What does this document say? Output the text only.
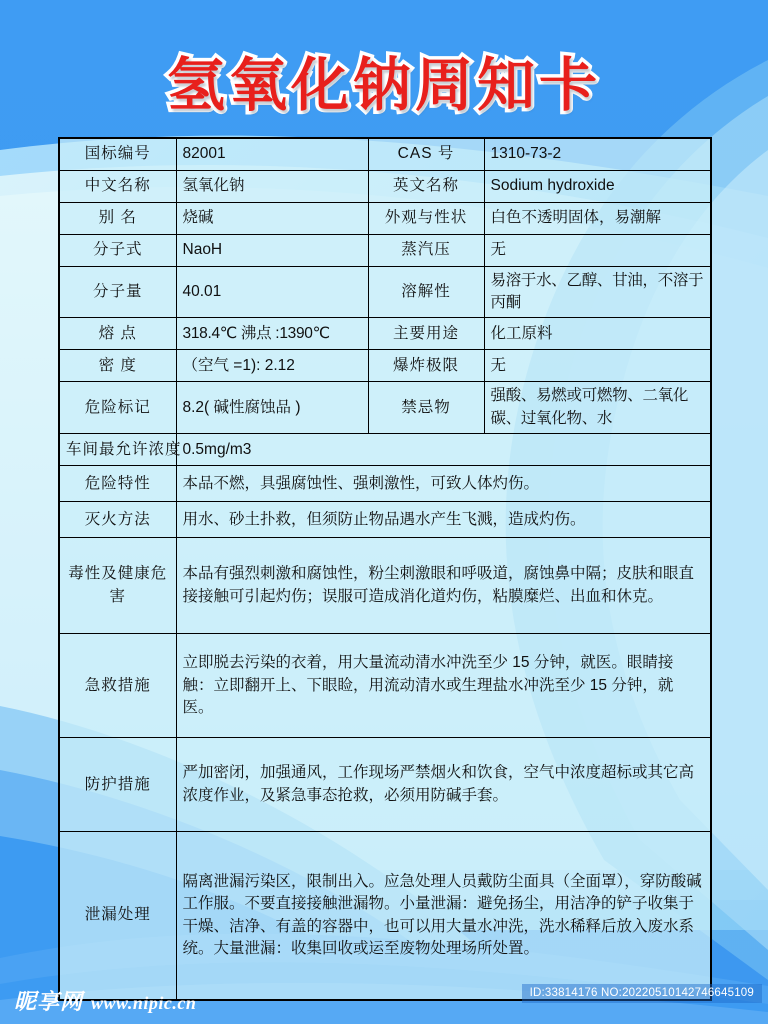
氢氧化钠周知卡
国标编号	82001	CAS 号	1310-73-2
中文名称	氢氧化钠	英文名称	Sodium hydroxide
别 名	烧碱	外观与性状	白色不透明固体，易潮解
分子式	NaoH	蒸汽压	无
分子量	40.01	溶解性	易溶于水、乙醇、甘油，不溶于丙酮
熔 点	318.4℃ 沸点 :1390℃	主要用途	化工原料
密 度	（空气 =1): 2.12	爆炸极限	无
危险标记	8.2( 碱性腐蚀品 )	禁忌物	强酸、易燃或可燃物、二氧化碳、过氧化物、水
车间最允许浓度	0.5mg/m3		
危险特性	本品不燃，具强腐蚀性、强刺激性，可致人体灼伤。		
灭火方法	用水、砂土扑救，但须防止物品遇水产生飞溅，造成灼伤。		
毒性及健康危害	本品有强烈刺激和腐蚀性，粉尘刺激眼和呼吸道，腐蚀鼻中隔；皮肤和眼直接接触可引起灼伤；误服可造成消化道灼伤，粘膜糜烂、出血和休克。		
急救措施	立即脱去污染的衣着，用大量流动清水冲洗至少 15 分钟，就医。眼睛接触：立即翻开上、下眼睑，用流动清水或生理盐水冲洗至少 15 分钟，就医。		
防护措施	严加密闭，加强通风，工作现场严禁烟火和饮食，空气中浓度超标或其它高浓度作业，及紧急事态抢救，必须用防碱手套。		
泄漏处理	隔离泄漏污染区，限制出入。应急处理人员戴防尘面具（全面罩），穿防酸碱工作服。不要直接接触泄漏物。小量泄漏：避免扬尘，用洁净的铲子收集于干燥、洁净、有盖的容器中，也可以用大量水冲洗，洗水稀释后放入废水系统。大量泄漏：收集回收或运至废物处理场所处置。		
昵享网 www.nipic.cn	ID:33814176 NO:20220510142746645109
